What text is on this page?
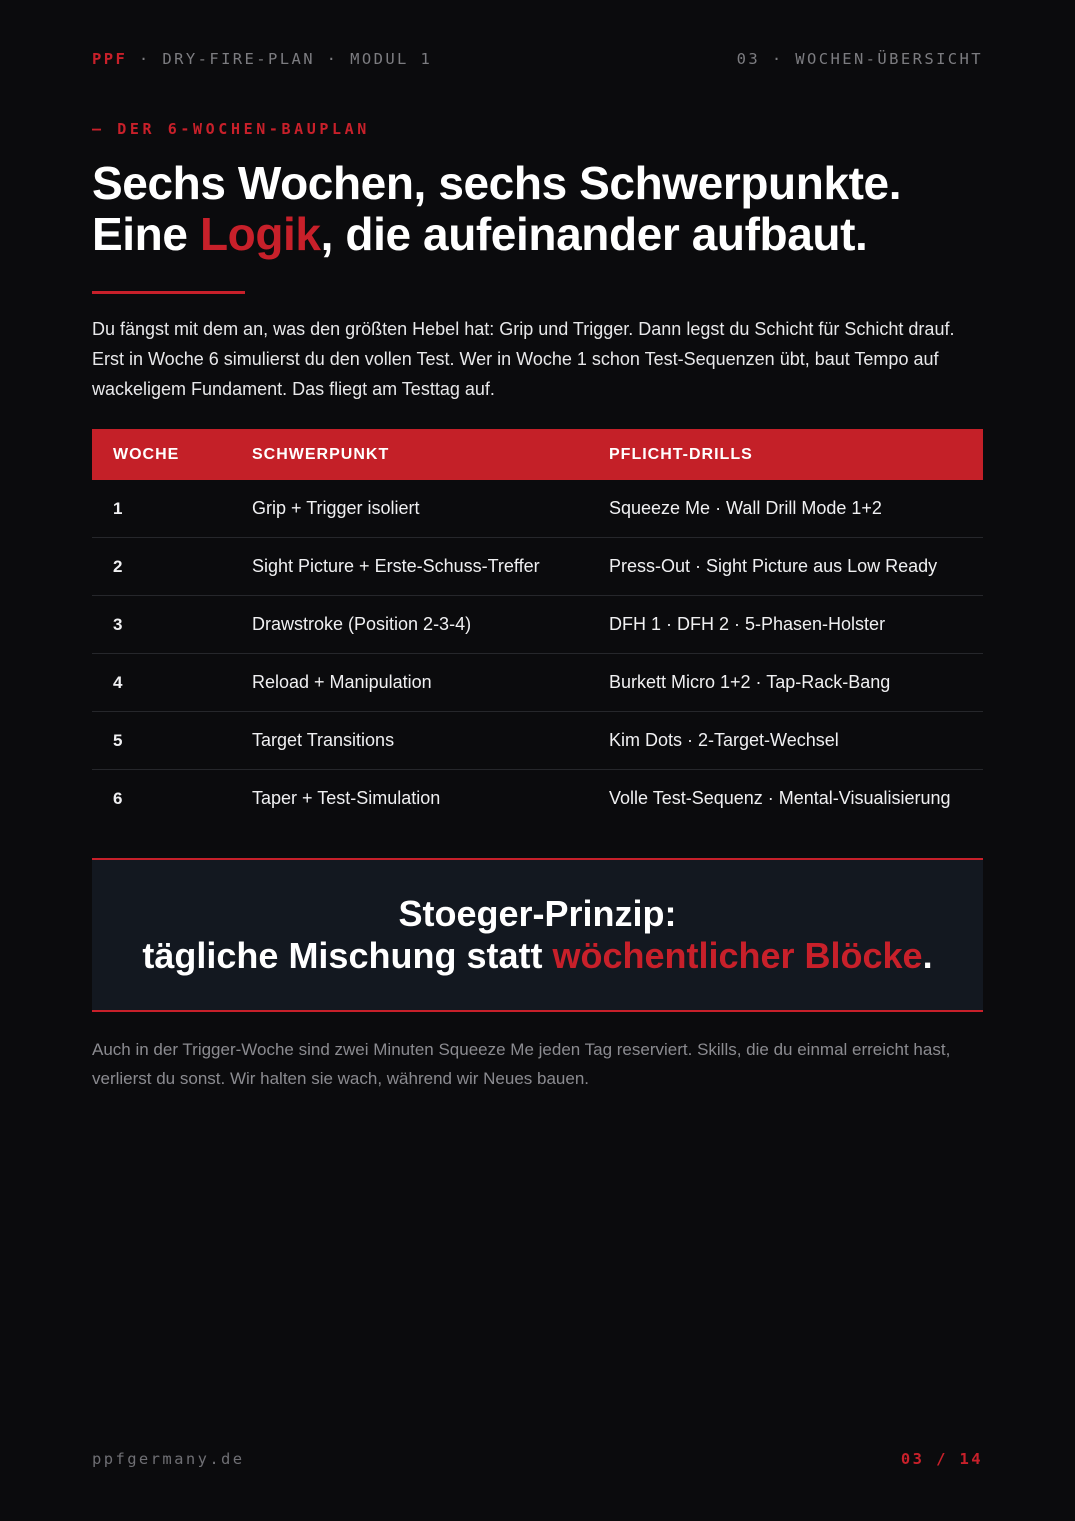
PPF · DRY-FIRE-PLAN · MODUL 1	03 · WOCHEN-ÜBERSICHT
— DER 6-WOCHEN-BAUPLAN
Sechs Wochen, sechs Schwerpunkte.
Eine Logik, die aufeinander aufbaut.

Du fängst mit dem an, was den größten Hebel hat: Grip und Trigger. Dann legst du Schicht für Schicht drauf. Erst in Woche 6 simulierst du den vollen Test. Wer in Woche 1 schon Test-Sequenzen übt, baut Tempo auf wackeligem Fundament. Das fliegt am Testtag auf.

WOCHE	SCHWERPUNKT	PFLICHT-DRILLS
1	Grip + Trigger isoliert	Squeeze Me · Wall Drill Mode 1+2
2	Sight Picture + Erste-Schuss-Treffer	Press-Out · Sight Picture aus Low Ready
3	Drawstroke (Position 2-3-4)	DFH 1 · DFH 2 · 5-Phasen-Holster
4	Reload + Manipulation	Burkett Micro 1+2 · Tap-Rack-Bang
5	Target Transitions	Kim Dots · 2-Target-Wechsel
6	Taper + Test-Simulation	Volle Test-Sequenz · Mental-Visualisierung
Stoeger-Prinzip:
tägliche Mischung statt wöchentlicher Blöcke.

Auch in der Trigger-Woche sind zwei Minuten Squeeze Me jeden Tag reserviert. Skills, die du einmal erreicht hast, verlierst du sonst. Wir halten sie wach, während wir Neues bauen.

ppfgermany.de	03 / 14
